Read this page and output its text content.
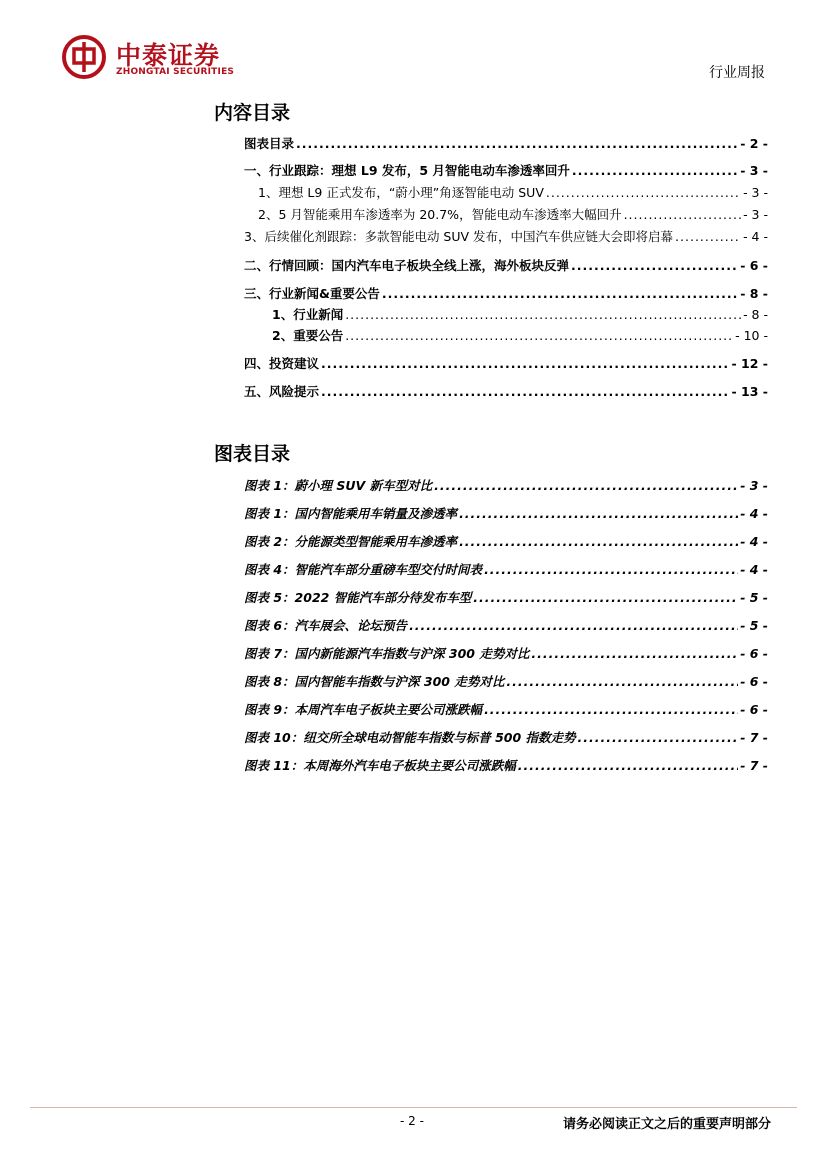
中泰证券
ZHONGTAI SECURITIES	行业周报
内容目录
图表目录 .....	- 2 -
一、行业跟踪：理想 L9 发布，5 月智能电动车渗透率回升 .....	- 3 -
1、理想 L9 正式发布，“蔚小理”角逐智能电动 SUV .....	- 3 -
2、5 月智能乘用车渗透率为 20.7%，智能电动车渗透率大幅回升 .....	- 3 -
3、后续催化剂跟踪：多款智能电动 SUV 发布，中国汽车供应链大会即将启幕 .....	- 4 -
二、行情回顾：国内汽车电子板块全线上涨，海外板块反弹 .....	- 6 -
三、行业新闻&重要公告 .....	- 8 -
1、行业新闻 .....	- 8 -
2、重要公告 .....	- 10 -
四、投资建议 .....	- 12 -
五、风险提示 .....	- 13 -
图表目录
图表 1：蔚小理 SUV 新车型对比 .....	- 3 -
图表 1：国内智能乘用车销量及渗透率 .....	- 4 -
图表 2：分能源类型智能乘用车渗透率 .....	- 4 -
图表 4：智能汽车部分重磅车型交付时间表 .....	- 4 -
图表 5：2022 智能汽车部分待发布车型 .....	- 5 -
图表 6：汽车展会、论坛预告 .....	- 5 -
图表 7：国内新能源汽车指数与沪深 300 走势对比 .....	- 6 -
图表 8：国内智能车指数与沪深 300 走势对比 .....	- 6 -
图表 9：本周汽车电子板块主要公司涨跌幅 .....	- 6 -
图表 10：纽交所全球电动智能车指数与标普 500 指数走势 .....	- 7 -
图表 11：本周海外汽车电子板块主要公司涨跌幅 .....	- 7 -
- 2 -	请务必阅读正文之后的重要声明部分
